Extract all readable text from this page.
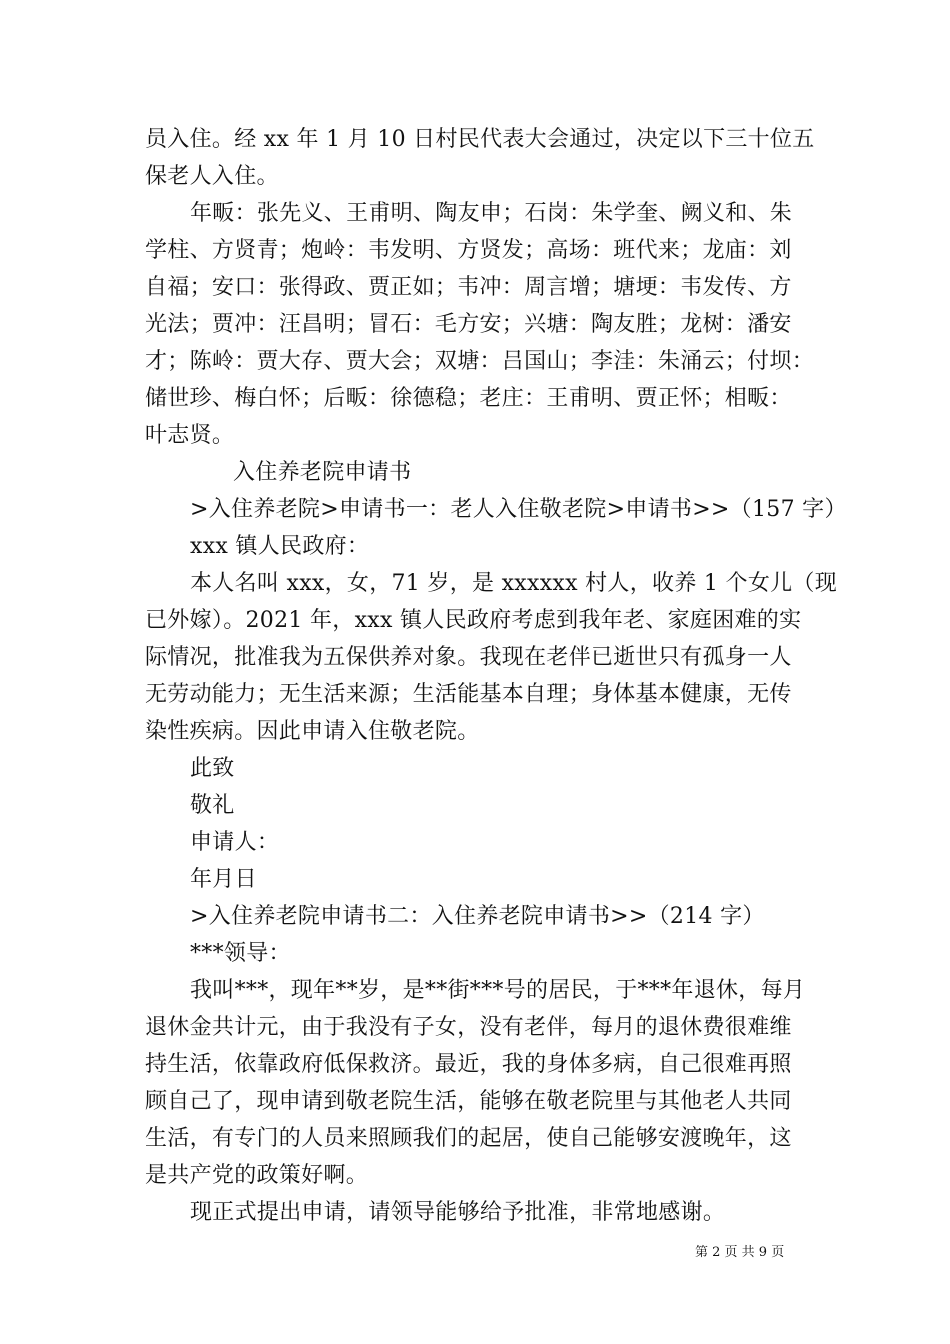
员入住。经 xx 年 1 月 10 日村民代表大会通过，决定以下三十位五
保老人入住。
年畈：张先义、王甫明、陶友申；石岗：朱学奎、阙义和、朱
学柱、方贤青；炮岭：韦发明、方贤发；高场：班代来；龙庙：刘
自福；安口：张得政、贾正如；韦冲：周言增；塘埂：韦发传、方
光法；贾冲：汪昌明；冒石：毛方安；兴塘：陶友胜；龙树：潘安
才；陈岭：贾大存、贾大会；双塘：吕国山；李洼：朱涌云；付坝：
储世珍、梅白怀；后畈：徐德稳；老庄：王甫明、贾正怀；相畈：
叶志贤。
入住养老院申请书
>入住养老院>申请书一：老人入住敬老院>申请书>>（157 字）
xxx 镇人民政府：
本人名叫 xxx，女，71 岁，是 xxxxxx 村人，收养 1 个女儿（现
已外嫁）。2021 年，xxx 镇人民政府考虑到我年老、家庭困难的实
际情况，批准我为五保供养对象。我现在老伴已逝世只有孤身一人
无劳动能力；无生活来源；生活能基本自理；身体基本健康，无传
染性疾病。因此申请入住敬老院。
此致
敬礼
申请人：
年月日
>入住养老院申请书二：入住养老院申请书>>（214 字）
***领导：
我叫***，现年**岁，是**街***号的居民，于***年退休，每月
退休金共计元，由于我没有子女，没有老伴，每月的退休费很难维
持生活，依靠政府低保救济。最近，我的身体多病，自己很难再照
顾自己了，现申请到敬老院生活，能够在敬老院里与其他老人共同
生活，有专门的人员来照顾我们的起居，使自己能够安渡晚年，这
是共产党的政策好啊。
现正式提出申请，请领导能够给予批准，非常地感谢。
第 2 页 共 9 页
